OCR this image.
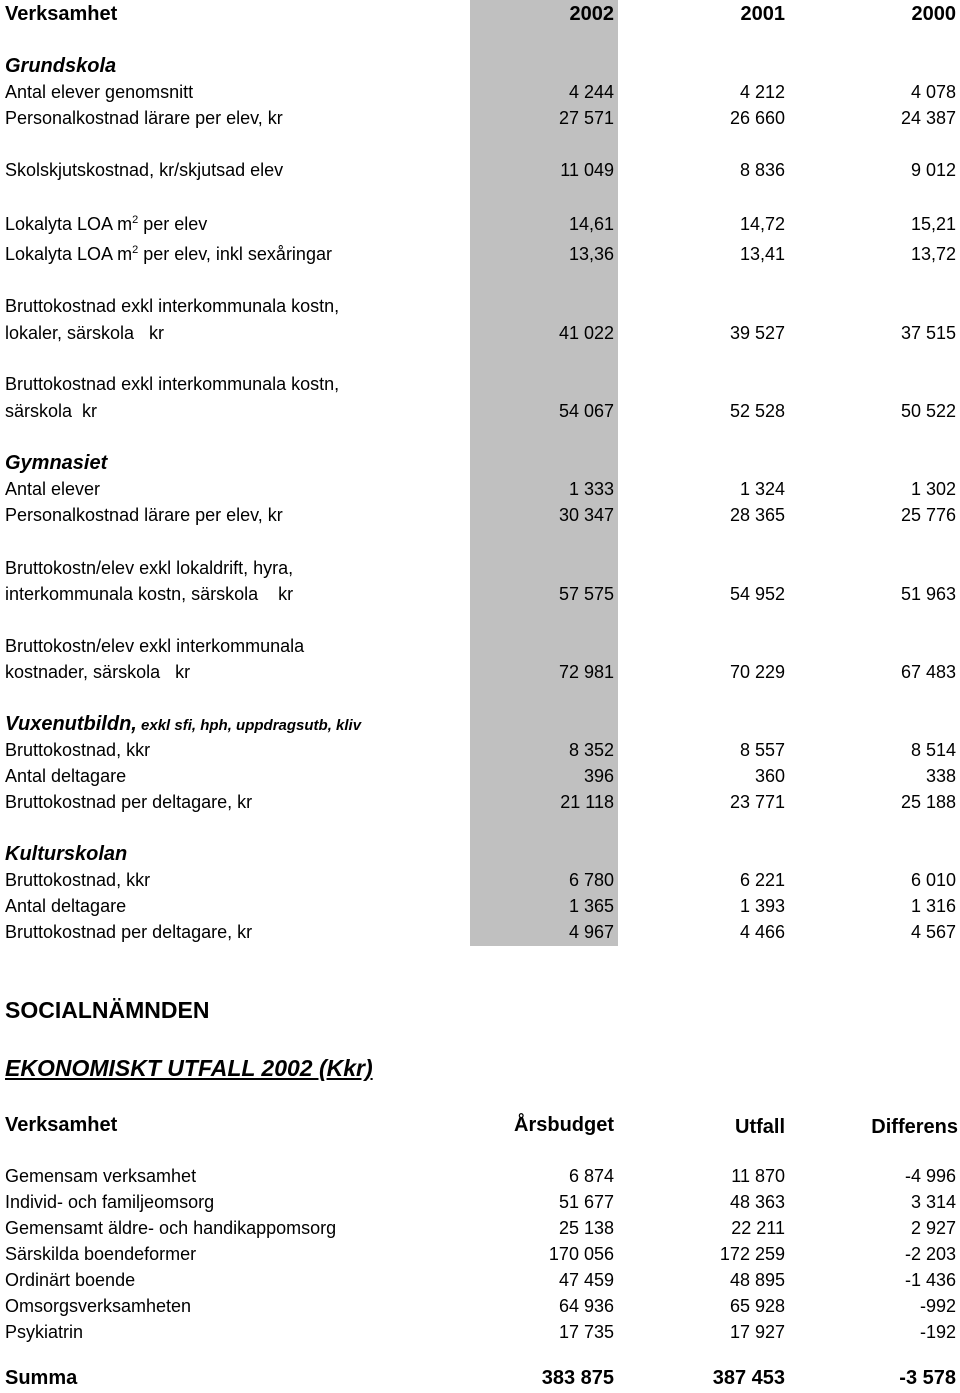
Verksamhet	2002	2001	2000
Grundskola
Antal elever genomsnitt	4 244	4 212	4 078
Personalkostnad lärare per elev, kr	27 571	26 660	24 387
Skolskjutskostnad, kr/skjutsad elev	11 049	8 836	9 012
Lokalyta LOA $m^2$ per elev	14,61	14,72	15,21
Lokalyta LOA $m^2$ per elev, inkl sexåringar	13,36	13,41	13,72
Bruttokostnad exkl interkommunala kostn,
lokaler, särskola   kr	41 022	39 527	37 515
Bruttokostnad exkl interkommunala kostn,
särskola  kr	54 067	52 528	50 522
Gymnasiet
Antal elever	1 333	1 324	1 302
Personalkostnad lärare per elev, kr	30 347	28 365	25 776
Bruttokostn/elev exkl lokaldrift, hyra,
interkommunala kostn, särskola    kr	57 575	54 952	51 963
Bruttokostn/elev exkl interkommunala
kostnader, särskola   kr	72 981	70 229	67 483
Vuxenutbildn, exkl sfi, hph, uppdragsutb, kliv
Bruttokostnad, kkr	8 352	8 557	8 514
Antal deltagare	396	360	338
Bruttokostnad per deltagare, kr	21 118	23 771	25 188
Kulturskolan
Bruttokostnad, kkr	6 780	6 221	6 010
Antal deltagare	1 365	1 393	1 316
Bruttokostnad per deltagare, kr	4 967	4 466	4 567
SOCIALNÄMNDEN
EKONOMISKT UTFALL 2002 (Kkr)
Verksamhet	Årsbudget	Utfall	Differens
Gemensam verksamhet	6 874	11 870	-4 996
Individ- och familjeomsorg	51 677	48 363	3 314
Gemensamt äldre- och handikappomsorg	25 138	22 211	2 927
Särskilda boendeformer	170 056	172 259	-2 203
Ordinärt boende	47 459	48 895	-1 436
Omsorgsverksamheten	64 936	65 928	-992
Psykiatrin	17 735	17 927	-192
Summa	383 875	387 453	-3 578
